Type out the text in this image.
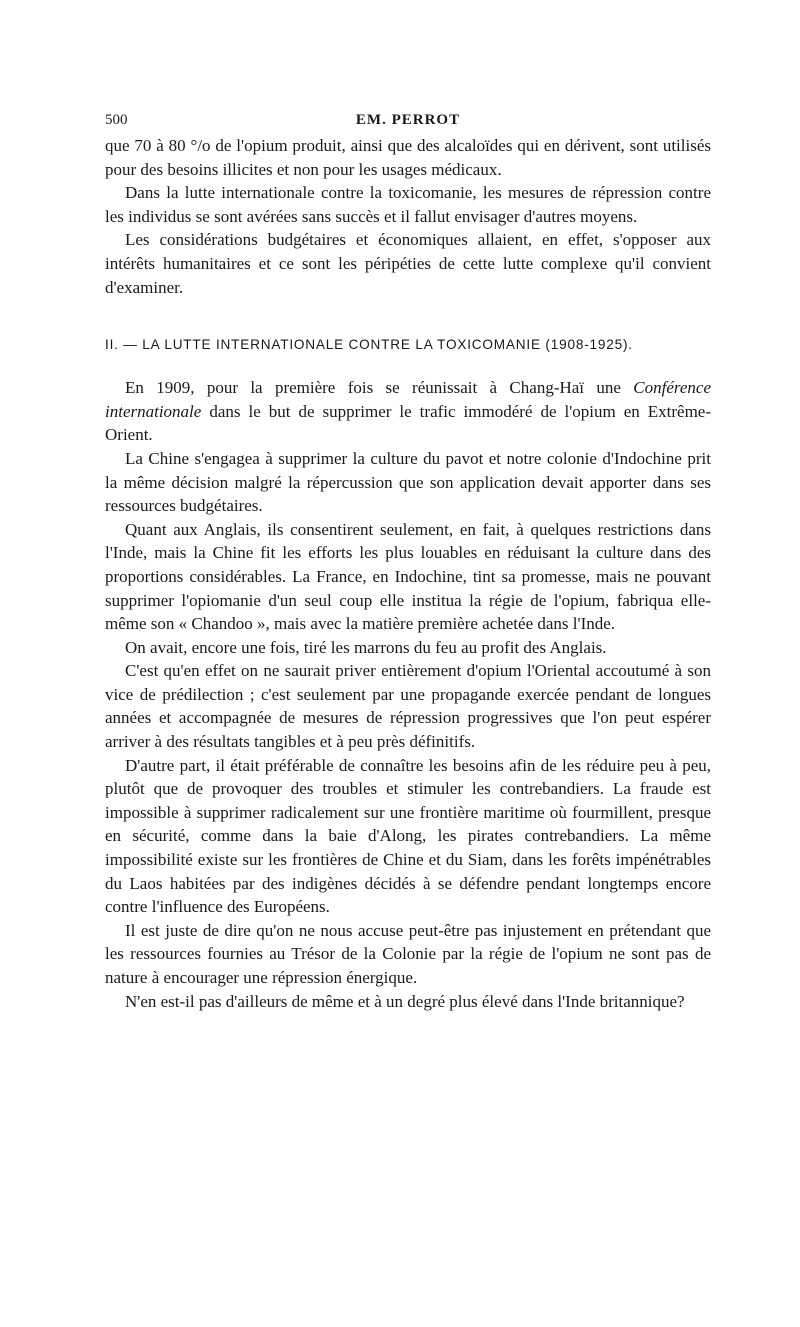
500	EM. PERROT

que 70 à 80 °/o de l'opium produit, ainsi que des alcaloïdes qui en dérivent, sont utilisés pour des besoins illicites et non pour les usages médicaux.

Dans la lutte internationale contre la toxicomanie, les mesures de répression contre les individus se sont avérées sans succès et il fallut envisager d'autres moyens.

Les considérations budgétaires et économiques allaient, en effet, s'opposer aux intérêts humanitaires et ce sont les péripéties de cette lutte complexe qu'il convient d'examiner.

II. — LA LUTTE INTERNATIONALE CONTRE LA TOXICOMANIE (1908-1925).

En 1909, pour la première fois se réunissait à Chang-Haï une Conférence internationale dans le but de supprimer le trafic immodéré de l'opium en Extrême-Orient.

La Chine s'engagea à supprimer la culture du pavot et notre colonie d'Indochine prit la même décision malgré la répercussion que son application devait apporter dans ses ressources budgétaires.

Quant aux Anglais, ils consentirent seulement, en fait, à quelques restrictions dans l'Inde, mais la Chine fit les efforts les plus louables en réduisant la culture dans des proportions considérables. La France, en Indochine, tint sa promesse, mais ne pouvant supprimer l'opiomanie d'un seul coup elle institua la régie de l'opium, fabriqua elle-même son « Chandoo », mais avec la matière première achetée dans l'Inde.

On avait, encore une fois, tiré les marrons du feu au profit des Anglais.

C'est qu'en effet on ne saurait priver entièrement d'opium l'Oriental accoutumé à son vice de prédilection ; c'est seulement par une propagande exercée pendant de longues années et accompagnée de mesures de répression progressives que l'on peut espérer arriver à des résultats tangibles et à peu près définitifs.

D'autre part, il était préférable de connaître les besoins afin de les réduire peu à peu, plutôt que de provoquer des troubles et stimuler les contrebandiers. La fraude est impossible à supprimer radicalement sur une frontière maritime où fourmillent, presque en sécurité, comme dans la baie d'Along, les pirates contrebandiers. La même impossibilité existe sur les frontières de Chine et du Siam, dans les forêts impénétrables du Laos habitées par des indigènes décidés à se défendre pendant longtemps encore contre l'influence des Européens.

Il est juste de dire qu'on ne nous accuse peut-être pas injustement en prétendant que les ressources fournies au Trésor de la Colonie par la régie de l'opium ne sont pas de nature à encourager une répression énergique.

N'en est-il pas d'ailleurs de même et à un degré plus élevé dans l'Inde britannique?
